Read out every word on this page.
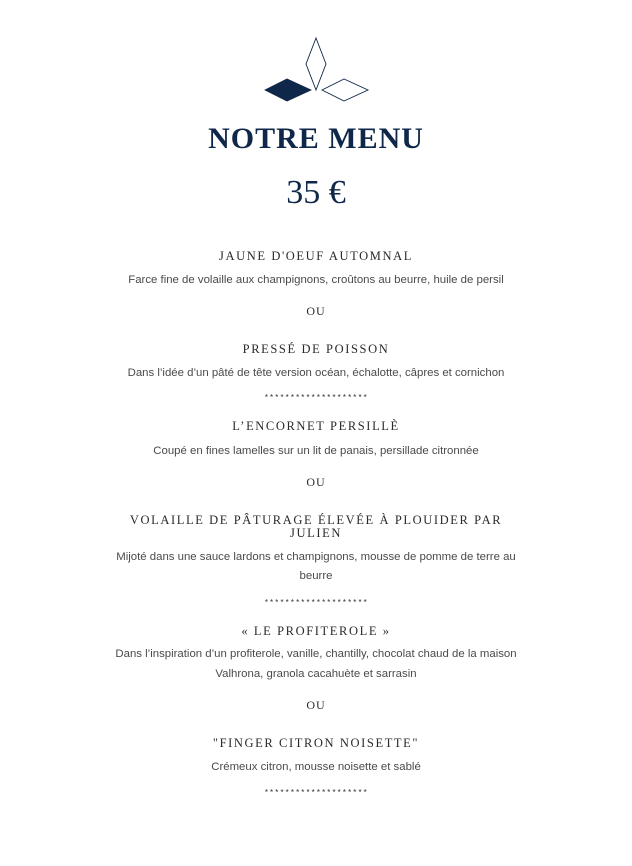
NOTRE MENU
35 €
JAUNE D'OEUF AUTOMNAL
Farce fine de volaille aux champignons, croûtons au beurre, huile de persil
OU
PRESSÉ DE POISSON
Dans l’idée d’un pâté de tête version océan, échalotte, câpres et cornichon
********************
L’ENCORNET PERSILLÈ
Coupé en fines lamelles sur un lit de panais, persillade citronnée
OU
VOLAILLE DE PÂTURAGE ÉLEVÉE À PLOUIDER PAR
JULIEN
Mijoté dans une sauce lardons et champignons, mousse de pomme de terre au
beurre
********************
« LE PROFITEROLE »
Dans l’inspiration d’un profiterole, vanille, chantilly, chocolat chaud de la maison
Valhrona, granola cacahuète et sarrasin
OU
"FINGER CITRON NOISETTE"
Crémeux citron, mousse noisette et sablé
********************
